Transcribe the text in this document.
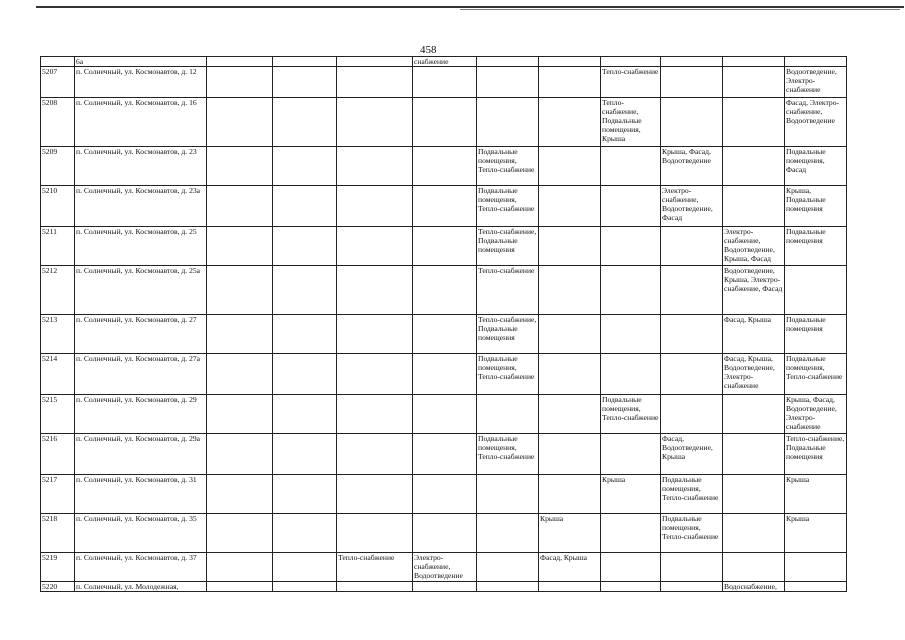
458
	6а				снабжение						
5207	п. Солнечный, ул. Космонавтов, д. 12							Тепло-снабжение			Водоотведение, Электро-снабжение
5208	п. Солнечный, ул. Космонавтов, д. 16							Тепло-снабжение, Подвальные помещения, Крыша			Фасад, Электро-снабжение, Водоотведение
5209	п. Солнечный, ул. Космонавтов, д. 23					Подвальные помещения, Тепло-снабжение			Крыша, Фасад, Водоотведение		Подвальные помещения, Фасад
5210	п. Солнечный, ул. Космонавтов, д. 23а					Подвальные помещения, Тепло-снабжение			Электро-снабжение, Водоотведение, Фасад		Крыша, Подвальные помещения
5211	п. Солнечный, ул. Космонавтов, д. 25					Тепло-снабжение, Подвальные помещения				Электро-снабжение, Водоотведение, Крыша, Фасад	Подвальные помещения
5212	п. Солнечный, ул. Космонавтов, д. 25а					Тепло-снабжение				Водоотведение, Крыша, Электро-снабжение, Фасад	
5213	п. Солнечный, ул. Космонавтов, д. 27					Тепло-снабжение, Подвальные помещения				Фасад, Крыша	Подвальные помещения
5214	п. Солнечный, ул. Космонавтов, д. 27а					Подвальные помещения, Тепло-снабжение				Фасад, Крыша, Водоотведение, Электро-снабжение	Подвальные помещения, Тепло-снабжение
5215	п. Солнечный, ул. Космонавтов, д. 29							Подвальные помещения, Тепло-снабжение			Крыша, Фасад, Водоотведение, Электро-снабжение
5216	п. Солнечный, ул. Космонавтов, д. 29а					Подвальные помещения, Тепло-снабжение			Фасад, Водоотведение, Крыша		Тепло-снабжение, Подвальные помещения
5217	п. Солнечный, ул. Космонавтов, д. 31							Крыша	Подвальные помещения, Тепло-снабжение		Крыша
5218	п. Солнечный, ул. Космонавтов, д. 35						Крыша		Подвальные помещения, Тепло-снабжение		Крыша
5219	п. Солнечный, ул. Космонавтов, д. 37			Тепло-снабжение	Электро-снабжение, Водоотведение		Фасад, Крыша				
5220	п. Солнечный, ул. Молодежная,									Водоснабжение,	
